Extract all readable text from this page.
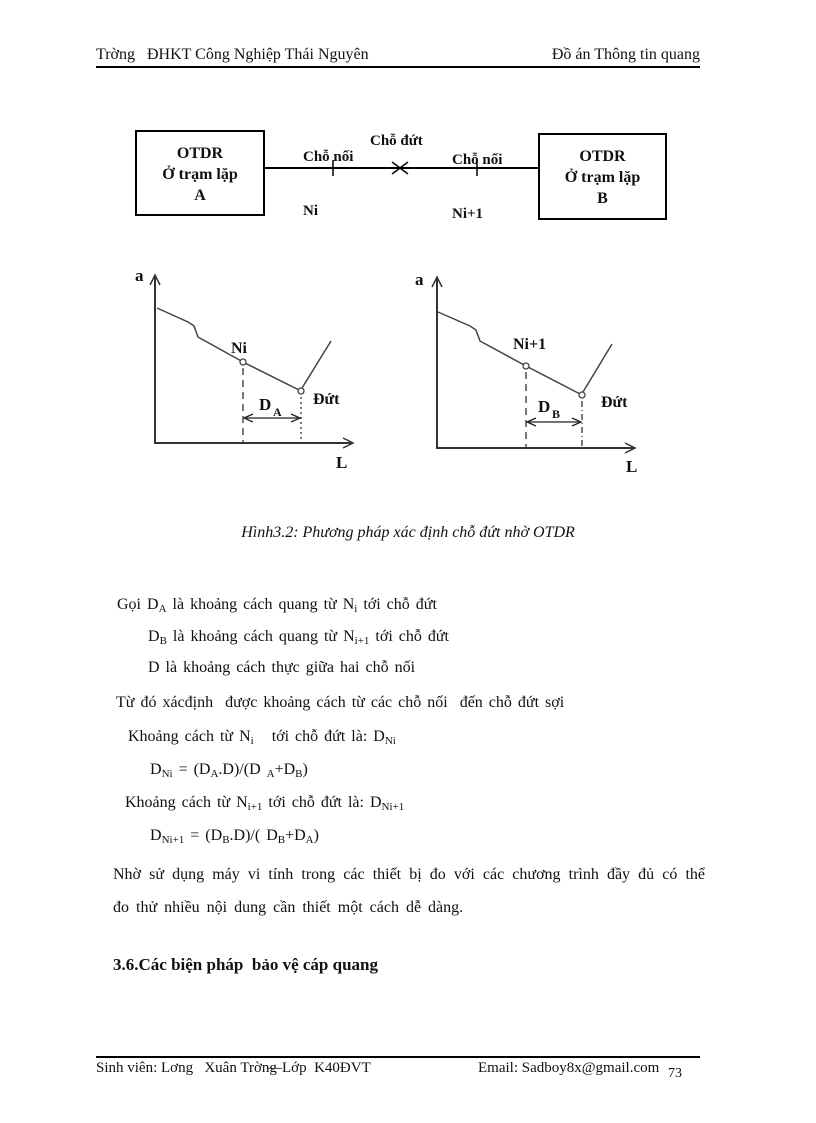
Trờng   ĐHKT Công Nghiệp Thái Nguyên	Đồ án Thông tin quang
OTDR
Ở trạm lặp
A
OTDR
Ở trạm lặp
B

Chỗ nối

Ni

Chỗ đứt

Chỗ nối

Ni+1

a
L
Ni
D A
Đứt
a
L
Ni+1
D B
Đứt
Hình3.2: Phương pháp xác định chỗ đứt nhờ OTDR

Gọi $D_A$ là khoảng cách quang từ $N_i$ tới chỗ đứt

$D_B$ là khoảng cách quang từ $N_{i+1}$ tới chỗ đứt

D là khoảng cách thực giữa hai chỗ nối

Từ đó xácđịnh  được khoảng cách từ các chỗ nối  đến chỗ đứt sợi

Khoảng cách từ $N_i$   tới chỗ đứt là: $D_{Ni}$

$D_{Ni} = (D_A.D)/(D$ $_A+D_B$)

Khoảng cách từ $N_{i+1}$ tới chỗ đứt là: $D_{Ni+1}$

$D_{Ni+1} = (D_B.D)/$( $D_B+D_A$)

Nhờ sử dụng máy vi tính trong các thiết bị đo với các chương trình đầy đủ có thể đo thử nhiều nội dung cần thiết một cách dễ dàng.

3.6.Các biện pháp  bảo vệ cáp quang

Sinh viên: Lơng   Xuân Trờng
—Lớp  K40ĐVT	Email: Sadboy8x@gmail.com 73
